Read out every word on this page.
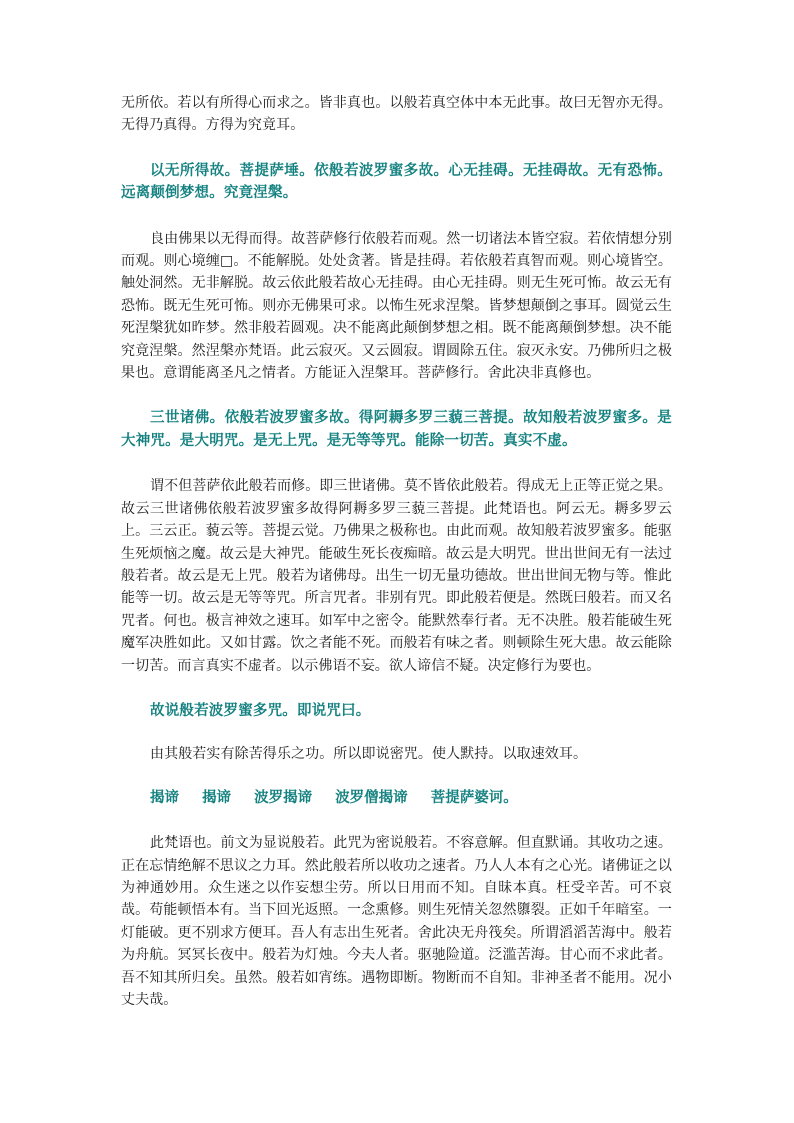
无所依。若以有所得心而求之。皆非真也。以般若真空体中本无此事。故曰无智亦无得。无得乃真得。方得为究竟耳。

以无所得故。菩提萨埵。依般若波罗蜜多故。心无挂碍。无挂碍故。无有恐怖。远离颠倒梦想。究竟涅槃。

良由佛果以无得而得。故菩萨修行依般若而观。然一切诸法本皆空寂。若依情想分别而观。则心境缠□。不能解脱。处处贪著。皆是挂碍。若依般若真智而观。则心境皆空。触处洞然。无非解脱。故云依此般若故心无挂碍。由心无挂碍。则无生死可怖。故云无有恐怖。既无生死可怖。则亦无佛果可求。以怖生死求涅槃。皆梦想颠倒之事耳。圆觉云生死涅槃犹如昨梦。然非般若圆观。决不能离此颠倒梦想之相。既不能离颠倒梦想。决不能究竟涅槃。然涅槃亦梵语。此云寂灭。又云圆寂。谓圆除五住。寂灭永安。乃佛所归之极果也。意谓能离圣凡之情者。方能证入涅槃耳。菩萨修行。舍此决非真修也。

三世诸佛。依般若波罗蜜多故。得阿耨多罗三藐三菩提。故知般若波罗蜜多。是大神咒。是大明咒。是无上咒。是无等等咒。能除一切苦。真实不虚。

谓不但菩萨依此般若而修。即三世诸佛。莫不皆依此般若。得成无上正等正觉之果。故云三世诸佛依般若波罗蜜多故得阿耨多罗三藐三菩提。此梵语也。阿云无。耨多罗云上。三云正。藐云等。菩提云觉。乃佛果之极称也。由此而观。故知般若波罗蜜多。能驱生死烦恼之魔。故云是大神咒。能破生死长夜痴暗。故云是大明咒。世出世间无有一法过般若者。故云是无上咒。般若为诸佛母。出生一切无量功德故。世出世间无物与等。惟此能等一切。故云是无等等咒。所言咒者。非别有咒。即此般若便是。然既曰般若。而又名咒者。何也。极言神效之速耳。如军中之密令。能默然奉行者。无不决胜。般若能破生死魔军决胜如此。又如甘露。饮之者能不死。而般若有味之者。则顿除生死大患。故云能除一切苦。而言真实不虚者。以示佛语不妄。欲人谛信不疑。决定修行为要也。

故说般若波罗蜜多咒。即说咒曰。

由其般若实有除苦得乐之功。所以即说密咒。使人默持。以取速效耳。

揭谛 揭谛 波罗揭谛 波罗僧揭谛 菩提萨婆诃。

此梵语也。前文为显说般若。此咒为密说般若。不容意解。但直默诵。其收功之速。正在忘情绝解不思议之力耳。然此般若所以收功之速者。乃人人本有之心光。诸佛证之以为神通妙用。众生迷之以作妄想尘劳。所以日用而不知。自昧本真。枉受辛苦。可不哀哉。苟能顿悟本有。当下回光返照。一念熏修。则生死情关忽然隳裂。正如千年暗室。一灯能破。更不别求方便耳。吾人有志出生死者。舍此决无舟筏矣。所谓滔滔苦海中。般若为舟航。冥冥长夜中。般若为灯烛。今夫人者。驱驰险道。泛滥苦海。甘心而不求此者。吾不知其所归矣。虽然。般若如宵练。遇物即断。物断而不自知。非神圣者不能用。况小丈夫哉。
